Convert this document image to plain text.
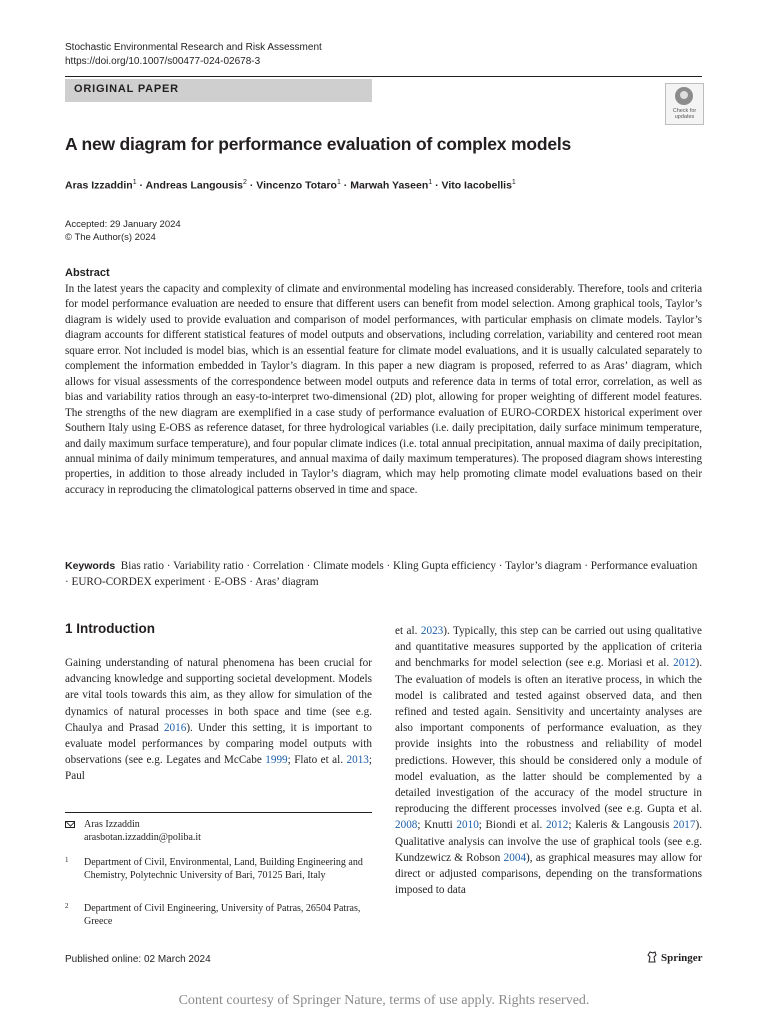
Stochastic Environmental Research and Risk Assessment
https://doi.org/10.1007/s00477-024-02678-3
ORIGINAL PAPER
Check for
updates
A new diagram for performance evaluation of complex models
Aras Izzaddin$^1$ · Andreas Langousis$^2$ · Vincenzo Totaro$^1$ · Marwah Yaseen$^1$ · Vito Iacobellis$^1$
Accepted: 29 January 2024
© The Author(s) 2024
Abstract
In the latest years the capacity and complexity of climate and environmental modeling has increased considerably. Therefore, tools and criteria for model performance evaluation are needed to ensure that different users can benefit from model selection. Among graphical tools, Taylor’s diagram is widely used to provide evaluation and comparison of model performances, with particular emphasis on climate models. Taylor’s diagram accounts for different statistical features of model outputs and observations, including correlation, variability and centered root mean square error. Not included is model bias, which is an essential feature for climate model evaluations, and it is usually calculated separately to complement the information embedded in Taylor’s diagram. In this paper a new diagram is proposed, referred to as Aras’ diagram, which allows for visual assessments of the correspondence between model outputs and reference data in terms of total error, correlation, as well as bias and variability ratios through an easy-to-interpret two-dimensional (2D) plot, allowing for proper weighting of different model features. The strengths of the new diagram are exemplified in a case study of performance evaluation of EURO-CORDEX historical experiment over Southern Italy using E-OBS as reference dataset, for three hydrological variables (i.e. daily precipitation, daily surface minimum temperature, and daily maximum surface temperature), and four popular climate indices (i.e. total annual precipitation, annual maxima of daily precipitation, annual minima of daily minimum temperatures, and annual maxima of daily maximum temperatures). The proposed diagram shows interesting properties, in addition to those already included in Taylor’s diagram, which may help promoting climate model evaluations based on their accuracy in reproducing the climatological patterns observed in time and space.
Keywords Bias ratio · Variability ratio · Correlation · Climate models · Kling Gupta efficiency · Taylor’s diagram · Performance evaluation · EURO-CORDEX experiment · E-OBS · Aras’ diagram
1 Introduction
Gaining understanding of natural phenomena has been crucial for advancing knowledge and supporting societal development. Models are vital tools towards this aim, as they allow for simulation of the dynamics of natural processes in both space and time (see e.g. Chaulya and Prasad 2016). Under this setting, it is important to evaluate model performances by comparing model outputs with observations (see e.g. Legates and McCabe 1999; Flato et al. 2013; Paul
et al. 2023). Typically, this step can be carried out using qualitative and quantitative measures supported by the application of criteria and benchmarks for model selection (see e.g. Moriasi et al. 2012). The evaluation of models is often an iterative process, in which the model is calibrated and tested against observed data, and then refined and tested again. Sensitivity and uncertainty analyses are also important components of performance evaluation, as they provide insights into the robustness and reliability of model predictions. However, this should be considered only a module of model evaluation, as the latter should be complemented by a detailed investigation of the accuracy of the model structure in reproducing the different processes involved (see e.g. Gupta et al. 2008; Knutti 2010; Biondi et al. 2012; Kaleris & Langousis 2017). Qualitative analysis can involve the use of graphical tools (see e.g. Kundzewicz & Robson 2004), as graphical measures may allow for direct or adjusted comparisons, depending on the transformations imposed to data
Aras Izzaddin
arasbotan.izzaddin@poliba.it
1 Department of Civil, Environmental, Land, Building Engineering and Chemistry, Polytechnic University of Bari, 70125 Bari, Italy
2 Department of Civil Engineering, University of Patras, 26504 Patras, Greece
Published online: 02 March 2024	Springer
Content courtesy of Springer Nature, terms of use apply. Rights reserved.
